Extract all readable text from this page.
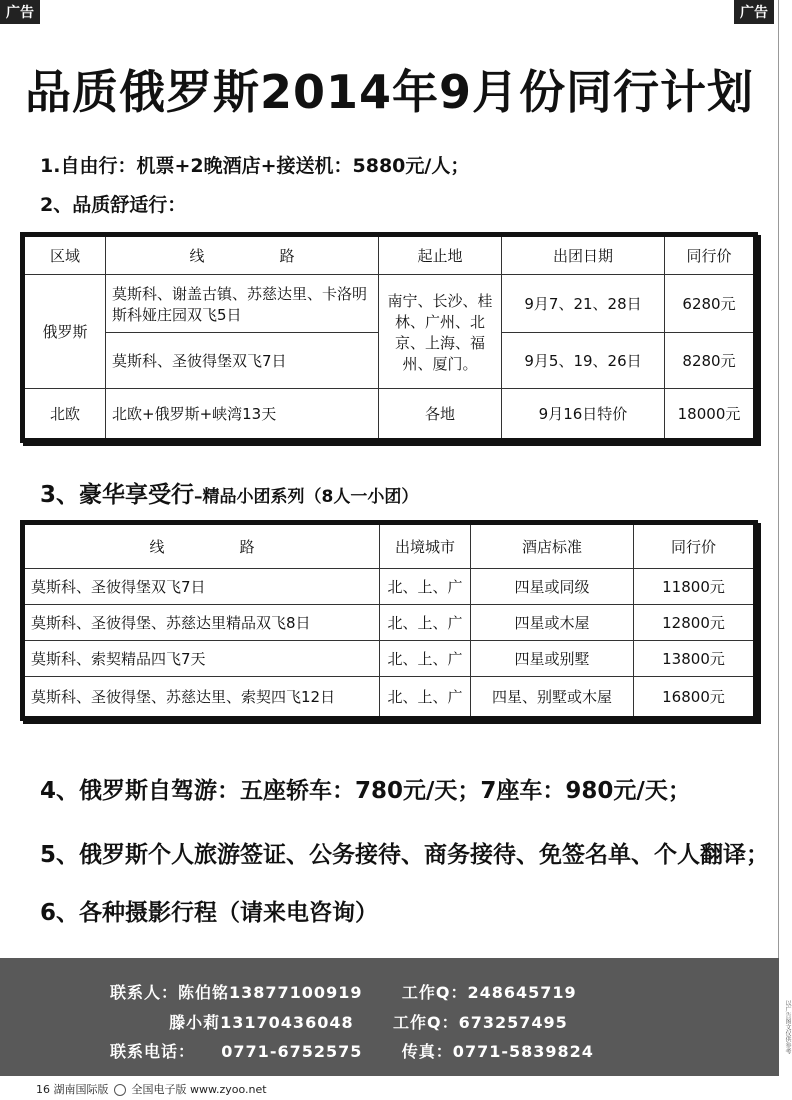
广告	广告
品质俄罗斯2014年9月份同行计划
1.自由行：机票+2晚酒店+接送机：5880元/人；
2、品质舒适行：
区域	线　　　　　路	起止地	出团日期	同行价
俄罗斯	莫斯科、谢盖古镇、苏慈达里、卡洛明斯科娅庄园双飞5日	南宁、长沙、桂林、广州、北京、上海、福州、厦门。	9月7、21、28日	6280元
	莫斯科、圣彼得堡双飞7日		9月5、19、26日	8280元
北欧	北欧+俄罗斯+峡湾13天	各地	9月16日特价	18000元
3、豪华享受行–精品小团系列（8人一小团）
线　　　　　路	出境城市	酒店标准	同行价
莫斯科、圣彼得堡双飞7日	北、上、广	四星或同级	11800元
莫斯科、圣彼得堡、苏慈达里精品双飞8日	北、上、广	四星或木屋	12800元
莫斯科、索契精品四飞7天	北、上、广	四星或别墅	13800元
莫斯科、圣彼得堡、苏慈达里、索契四飞12日	北、上、广	四星、别墅或木屋	16800元
4、俄罗斯自驾游：五座轿车：780元/天；7座车：980元/天；
5、俄罗斯个人旅游签证、公务接待、商务接待、免签名单、个人翻译；
6、各种摄影行程（请来电咨询）
联系人：陈伯铭13877100919      工作Q：248645719
滕小莉13170436048      工作Q：673257495
联系电话：    0771-6752575      传真：0771-5839824
16 湖南国际版 全国电子版 www.zyoo.net
以广告图文仅供参考
